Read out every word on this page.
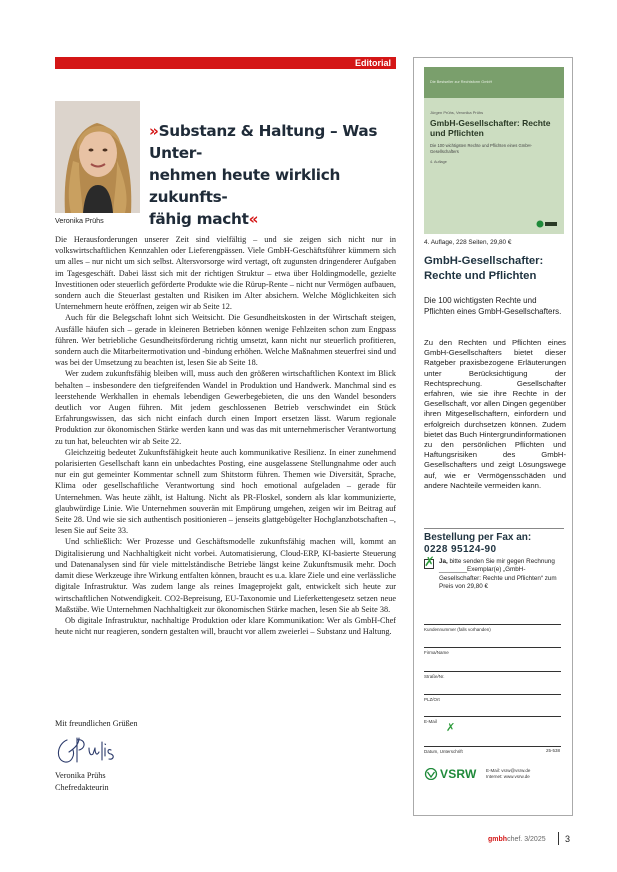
Editorial
Veronika Prühs
»Substanz & Haltung – Was Unter-
nehmen heute wirklich zukunfts-
fähig macht«

Die Herausforderungen unserer Zeit sind vielfältig – und sie zeigen sich nicht nur in volkswirtschaftlichen Kennzahlen oder Lieferengpässen. Viele GmbH-Geschäftsführer kümmern sich um alles – nur nicht um sich selbst. Altersvorsorge wird vertagt, oft zugunsten dringenderer Aufgaben im Tagesgeschäft. Dabei lässt sich mit der richtigen Struktur – etwa über Holdingmodelle, gezielte Investitionen oder steuerlich geförderte Produkte wie die Rürup-Rente – nicht nur Vermögen aufbauen, sondern auch die Steuerlast gestalten und Risiken im Alter absichern. Welche Möglichkeiten sich Unternehmern heute eröffnen, zeigen wir ab Seite 12.

Auch für die Belegschaft lohnt sich Weitsicht. Die Gesundheitskosten in der Wirtschaft steigen, Ausfälle häufen sich – gerade in kleineren Betrieben können wenige Fehlzeiten schon zum Engpass führen. Wer betriebliche Gesundheitsförderung richtig umsetzt, kann nicht nur steuerlich profitieren, sondern auch die Mitarbeitermotivation und -bindung erhöhen. Welche Maßnahmen steuerfrei sind und was bei der Umsetzung zu beachten ist, lesen Sie ab Seite 18.

Wer zudem zukunftsfähig bleiben will, muss auch den größeren wirtschaftlichen Kontext im Blick behalten – insbesondere den tiefgreifenden Wandel in Produktion und Handwerk. Manchmal sind es leerstehende Werkhallen in ehemals lebendigen Gewerbegebieten, die uns den Wandel besonders deutlich vor Augen führen. Mit jedem geschlossenen Betrieb verschwindet ein Stück Erfahrungswissen, das sich nicht einfach durch einen Import ersetzen lässt. Warum regionale Produktion zur ökonomischen Stärke werden kann und was das mit unternehmerischer Verantwortung zu tun hat, beleuchten wir ab Seite 22.

Gleichzeitig bedeutet Zukunftsfähigkeit heute auch kommunikative Resilienz. In einer zunehmend polarisierten Gesellschaft kann ein unbedachtes Posting, eine ausgelassene Stellungnahme oder auch nur ein gut gemeinter Kommentar schnell zum Shitstorm führen. Themen wie Diversität, Sprache, Klima oder gesellschaftliche Verantwortung sind hoch emotional aufgeladen – gerade für Unternehmen. Was heute zählt, ist Haltung. Nicht als PR-Floskel, sondern als klar kommunizierte, glaubwürdige Linie. Wie Unternehmen souverän mit Empörung umgehen, zeigen wir im Beitrag auf Seite 28. Und wie sie sich authentisch positionieren – jenseits glattgebügelter Hochglanzbotschaften –, lesen Sie auf Seite 33.

Und schließlich: Wer Prozesse und Geschäftsmodelle zukunftsfähig machen will, kommt an Digitalisierung und Nachhaltigkeit nicht vorbei. Automatisierung, Cloud-ERP, KI-basierte Steuerung und Datenanalysen sind für viele mittelständische Betriebe längst keine Zukunftsmusik mehr. Doch damit diese Werkzeuge ihre Wirkung entfalten können, braucht es u.a. klare Ziele und eine verlässliche digitale Infrastruktur. Was zudem lange als reines Imageprojekt galt, entwickelt sich heute zur wirtschaftlichen Notwendigkeit. CO2-Bepreisung, EU-Taxonomie und Lieferkettengesetz setzen neue Maßstäbe. Wie Unternehmen Nachhaltigkeit zur ökonomischen Stärke machen, lesen Sie ab Seite 38.

Ob digitale Infrastruktur, nachhaltige Produktion oder klare Kommunikation: Wer als GmbH-Chef heute nicht nur reagieren, sondern gestalten will, braucht vor allem zweierlei – Substanz und Haltung.

Mit freundlichen Grüßen
Veronika Prühs
Chefredakteurin
Die Bestseller zur Rechtsform GmbH
Jürgen Prühs, Veronika Prühs
GmbH-Gesellschafter: Rechte und Pflichten
Die 100 wichtigsten Rechte und Pflichten eines GmbH-Gesellschafters
4. Auflage
4. Auflage, 228 Seiten, 29,80 €
GmbH-Gesellschafter: Rechte und Pflichten
Die 100 wichtigsten Rechte und Pflichten eines GmbH-Gesellschafters.
Zu den Rechten und Pflichten eines GmbH-Gesellschafters bietet dieser Ratgeber praxisbezogene Erläuterungen unter Berücksichtigung der Rechtsprechung. Gesellschafter erfahren, wie sie ihre Rechte in der Gesellschaft, vor allen Dingen gegenüber ihren Mitgesellschaftern, einfordern und erfolgreich durchsetzen können. Zudem bietet das Buch Hintergrundinformationen zu den persönlichen Pflichten und Haftungsrisiken des GmbH-Gesellschafters und zeigt Lösungswege auf, wie er Vermögensschäden und andere Nachteile vermeiden kann.
Bestellung per Fax an:
0228 95124-90
✗ Ja, bitte senden Sie mir gegen Rechnung ________Exemplar(e) „GmbH-Gesellschafter: Rechte und Pflichten“ zum Preis von 29,80 €
Kundennummer (falls vorhanden)
Firma/Name
Straße/Nr.
PLZ/Ort
E-Mail ✗
Datum, Unterschrift	25-538
VSRW E-Mail: vsrw@vsrw.de
Internet: www.vsrw.de
gmbhchef. 3/2025 3
